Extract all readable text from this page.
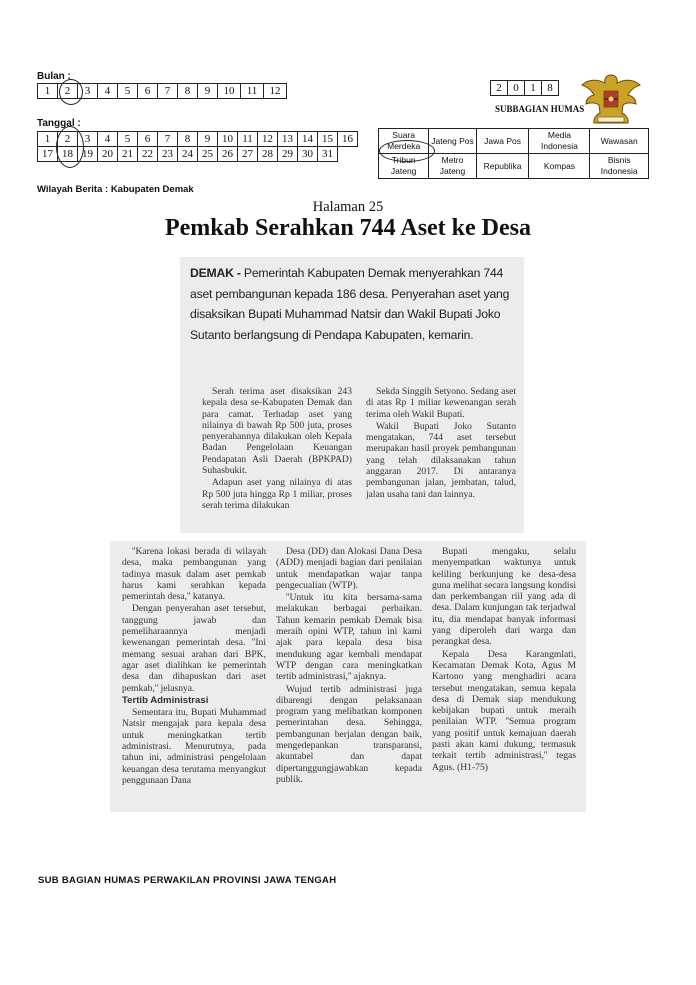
Bulan :
1	2	3	4	5	6	7	8	9	10	11	12
Tanggal :
1	2	3	4	5	6	7	8	9	10	11	12	13	14	15	16
17	18	19	20	21	22	23	24	25	26	27	28	29	30	31	
2	0	1	8
SUBBAGIAN HUMAS
Suara Merdeka	Jateng Pos	Jawa Pos	Media Indonesia	Wawasan
Tribun Jateng	Metro Jateng	Republika	Kompas	Bisnis Indonesia
Wilayah Berita : Kabupaten Demak
Halaman 25
Pemkab Serahkan 744 Aset ke Desa
DEMAK - Pemerintah Kabupaten Demak menyerahkan 744 aset pembangunan kepada 186 desa. Penyerahan aset yang disaksikan Bupati Muhammad Natsir dan Wakil Bupati Joko Sutanto berlangsung di Pendapa Kabupaten, kemarin.

Serah terima aset disaksikan 243 kepala desa se-Kabupaten Demak dan para camat. Terhadap aset yang nilainya di bawah Rp 500 juta, proses penyerahannya dilakukan oleh Kepala Badan Pengelolaan Keuangan Pendapatan Asli Daerah (BPKPAD) Suhasbukit.

Adapun aset yang nilainya di atas Rp 500 juta hingga Rp 1 miliar, proses serah terima dilakukan

Sekda Singgih Setyono. Sedang aset di atas Rp 1 miliar kewenangan serah terima oleh Wakil Bupati.

Wakil Bupati Joko Sutanto mengatakan, 744 aset tersebut merupakan hasil proyek pembangunan yang telah dilaksanakan tahun anggaran 2017. Di antaranya pembangunan jalan, jembatan, talud, jalan usaha tani dan lainnya.

''Karena lokasi berada di wilayah desa, maka pembangunan yang tadinya masuk dalam aset pemkab harus kami serahkan kepada pemerintah desa,'' katanya.

Dengan penyerahan aset tersebut, tanggung jawab dan pemeliharaannya menjadi kewenangan pemerintah desa. ''Ini memang sesuai arahan dari BPK, agar aset dialihkan ke pemerintah desa dan dihapuskan dari aset pemkab,'' jelasnya.

Tertib Administrasi

Sementara itu, Bupati Muhammad Natsir mengajak para kepala desa untuk meningkatkan tertib administrasi. Menurutnya, pada tahun ini, administrasi pengelolaan keuangan desa terutama menyangkut penggunaan Dana

Desa (DD) dan Alokasi Dana Desa (ADD) menjadi bagian dari penilaian untuk mendapatkan wajar tanpa pengecualian (WTP).

''Untuk itu kita bersama-sama melakukan berbagai perbaikan. Tahun kemarin pemkab Demak bisa meraih opini WTP, tahun ini kami ajak para kepala desa bisa mendukung agar kembali mendapat WTP dengan cara meningkatkan tertib administrasi,'' ajaknya.

Wujud tertib administrasi juga dibarengi dengan pelaksanaan program yang melibatkan komponen pemerintahan desa. Sehingga, pembangunan berjalan dengan baik, mengedepankan transparansi, akuntabel dan dapat dipertanggungjawabkan kepada publik.

Bupati mengaku, selalu menyempatkan waktunya untuk keliling berkunjung ke desa-desa guna melihat secara langsung kondisi dan perkembangan riil yang ada di desa. Dalam kunjungan tak terjadwal itu, dia mendapat banyak informasi yang diperoleh dari warga dan perangkat desa.

Kepala Desa Karangmlati, Kecamatan Demak Kota, Agus M Kartono yang menghadiri acara tersebut mengatakan, semua kepala desa di Demak siap mendukung kebijakan bupati untuk meraih penilaian WTP. ''Semua program yang positif untuk kemajuan daerah pasti akan kami dukung, termasuk terkait tertib administrasi,'' tegas Agus. (H1-75)

SUB BAGIAN HUMAS PERWAKILAN PROVINSI JAWA TENGAH
